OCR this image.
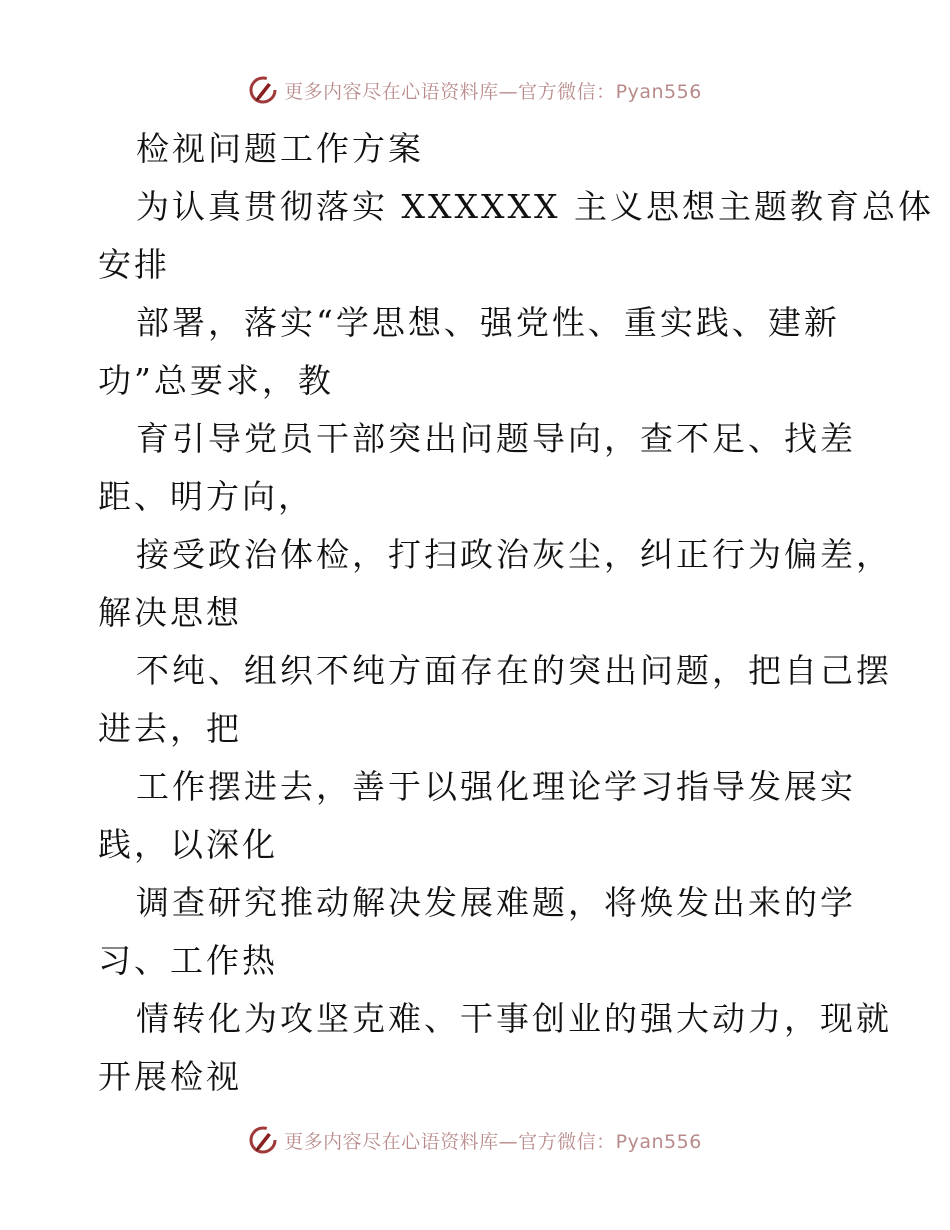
更多内容尽在心语资料库—官方微信：Pyan556
检视问题工作方案
为认真贯彻落实 XXXXXX 主义思想主题教育总体
安排
部署，落实“学思想、强党性、重实践、建新
功”总要求，教
育引导党员干部突出问题导向，查不足、找差
距、明方向，
接受政治体检，打扫政治灰尘，纠正行为偏差，
解决思想
不纯、组织不纯方面存在的突出问题，把自己摆
进去，把
工作摆进去，善于以强化理论学习指导发展实
践，以深化
调查研究推动解决发展难题，将焕发出来的学
习、工作热
情转化为攻坚克难、干事创业的强大动力，现就
开展检视
更多内容尽在心语资料库—官方微信：Pyan556
